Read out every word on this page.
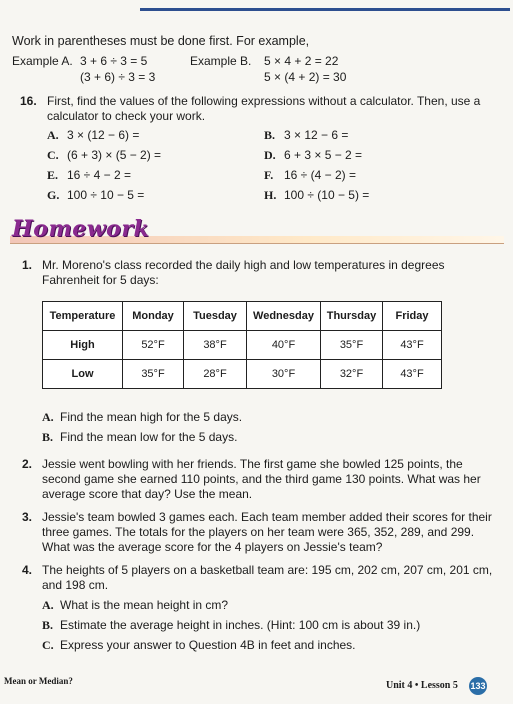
Work in parentheses must be done first. For example,
Example A. 3 + 6 ÷ 3 = 5
(3 + 6) ÷ 3 = 3
Example B. 5 × 4 + 2 = 22
5 × (4 + 2) = 30
16. First, find the values of the following expressions without a calculator. Then, use a calculator to check your work.
A. 3 × (12 − 6) =	B. 3 × 12 − 6 =
C. (6 + 3) × (5 − 2) =	D. 6 + 3 × 5 − 2 =
E. 16 ÷ 4 − 2 =	F. 16 ÷ (4 − 2) =
G. 100 ÷ 10 − 5 =	H. 100 ÷ (10 − 5) =
Homework
1. Mr. Moreno's class recorded the daily high and low temperatures in degrees Fahrenheit for 5 days:
Temperature	Monday	Tuesday	Wednesday	Thursday	Friday
High	52°F	38°F	40°F	35°F	43°F
Low	35°F	28°F	30°F	32°F	43°F
A. Find the mean high for the 5 days.
B. Find the mean low for the 5 days.
2. Jessie went bowling with her friends. The first game she bowled 125 points, the second game she earned 110 points, and the third game 130 points. What was her average score that day? Use the mean.
3. Jessie's team bowled 3 games each. Each team member added their scores for their three games. The totals for the players on her team were 365, 352, 289, and 299. What was the average score for the 4 players on Jessie's team?
4. The heights of 5 players on a basketball team are: 195 cm, 202 cm, 207 cm, 201 cm, and 198 cm.
A. What is the mean height in cm?
B. Estimate the average height in inches. (Hint: 100 cm is about 39 in.)
C. Express your answer to Question 4B in feet and inches.
Mean or Median?	Unit 4 • Lesson 5 133
